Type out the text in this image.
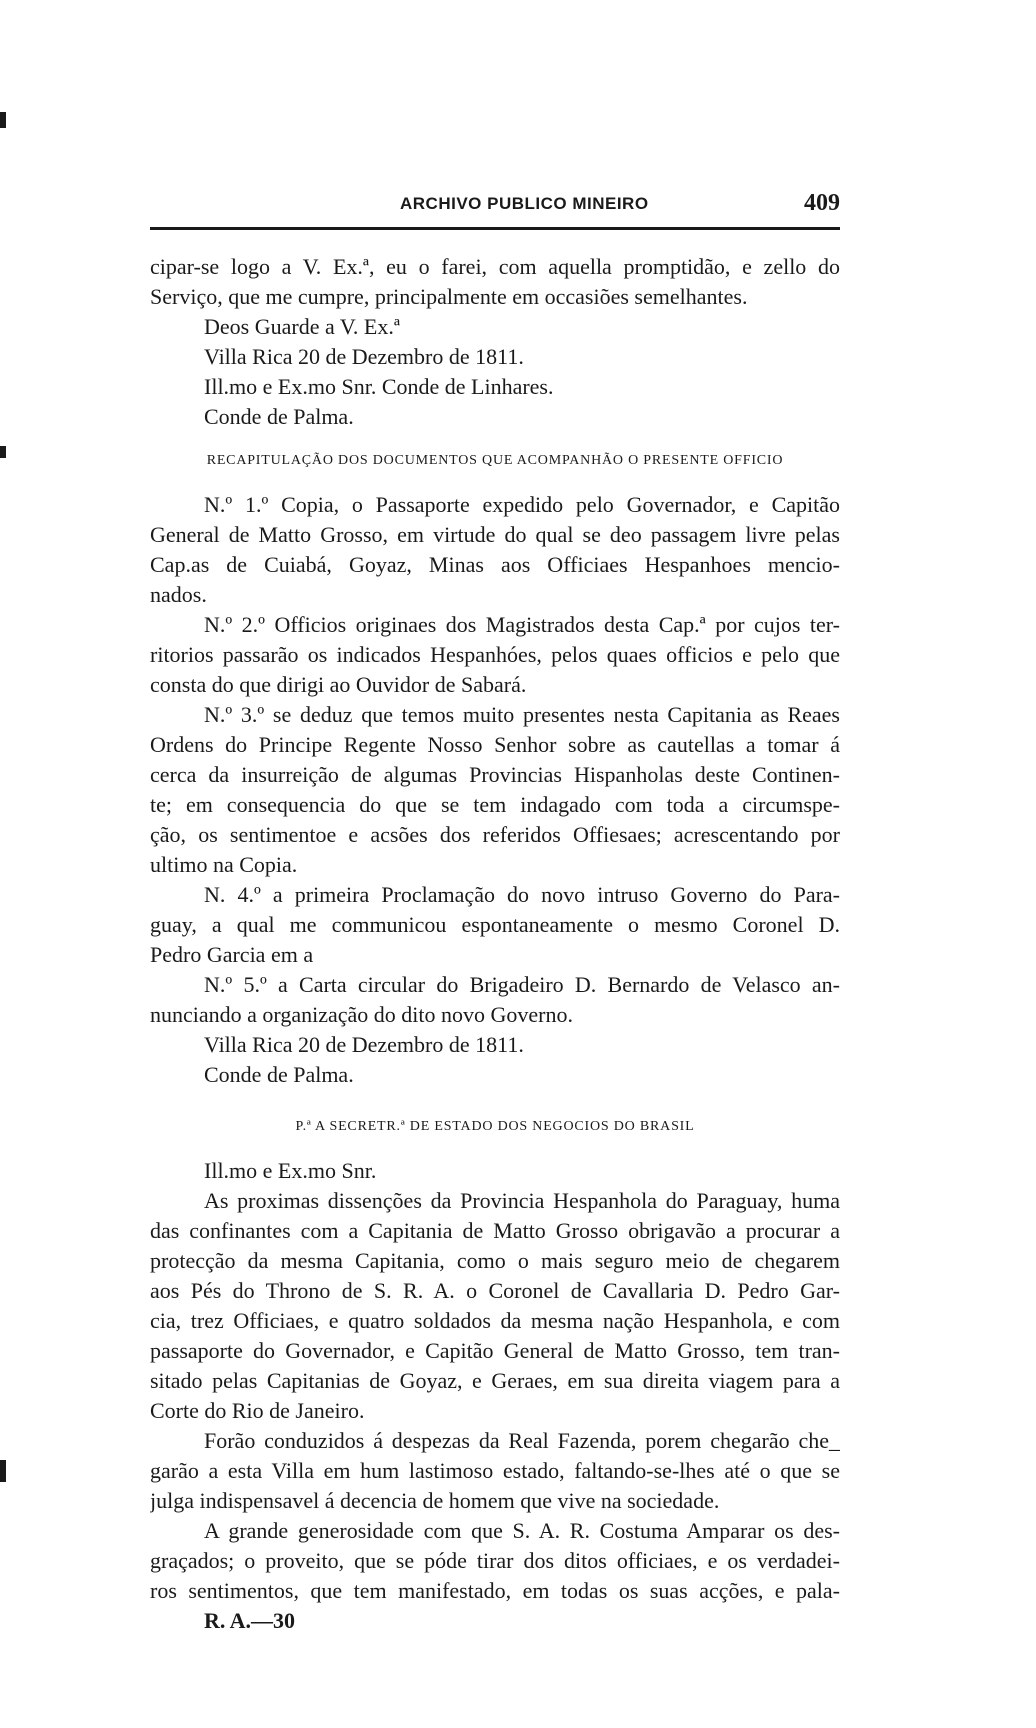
ARCHIVO PUBLICO MINEIRO	409
cipar-se logo a V. Ex.ª, eu o farei, com aquella promptidão, e zello do
Serviço, que me cumpre, principalmente em occasiões semelhantes.
Deos Guarde a V. Ex.ª
Villa Rica 20 de Dezembro de 1811.
Ill.mo e Ex.mo Snr. Conde de Linhares.
Conde de Palma.
RECAPITULAÇÃO DOS DOCUMENTOS QUE ACOMPANHÃO O PRESENTE OFFICIO
N.º 1.º Copia, o Passaporte expedido pelo Governador, e Capitão
General de Matto Grosso, em virtude do qual se deo passagem livre pelas
Cap.as de Cuiabá, Goyaz, Minas aos Officiaes Hespanhoes mencio-
nados.
N.º 2.º Officios originaes dos Magistrados desta Cap.ª por cujos ter-
ritorios passarão os indicados Hespanhóes, pelos quaes officios e pelo que
consta do que dirigi ao Ouvidor de Sabará.
N.º 3.º se deduz que temos muito presentes nesta Capitania as Reaes
Ordens do Principe Regente Nosso Senhor sobre as cautellas a tomar á
cerca da insurreição de algumas Provincias Hispanholas deste Continen-
te; em consequencia do que se tem indagado com toda a circumspe-
ção, os sentimentoe e acsões dos referidos Offiesaes; acrescentando por
ultimo na Copia.
N. 4.º a primeira Proclamação do novo intruso Governo do Para-
guay, a qual me communicou espontaneamente o mesmo Coronel D.
Pedro Garcia em a
N.º 5.º a Carta circular do Brigadeiro D. Bernardo de Velasco an-
nunciando a organização do dito novo Governo.
Villa Rica 20 de Dezembro de 1811.
Conde de Palma.
P.ª A SECRETR.ª DE ESTADO DOS NEGOCIOS DO BRASIL
Ill.mo e Ex.mo Snr.
As proximas dissenções da Provincia Hespanhola do Paraguay, huma
das confinantes com a Capitania de Matto Grosso obrigavão a procurar a
protecção da mesma Capitania, como o mais seguro meio de chegarem
aos Pés do Throno de S. R. A. o Coronel de Cavallaria D. Pedro Gar-
cia, trez Officiaes, e quatro soldados da mesma nação Hespanhola, e com
passaporte do Governador, e Capitão General de Matto Grosso, tem tran-
sitado pelas Capitanias de Goyaz, e Geraes, em sua direita viagem para a
Corte do Rio de Janeiro.
Forão conduzidos á despezas da Real Fazenda, porem chegarão che_
garão a esta Villa em hum lastimoso estado, faltando-se-lhes até o que se
julga indispensavel á decencia de homem que vive na sociedade.
A grande generosidade com que S. A. R. Costuma Amparar os des-
graçados; o proveito, que se póde tirar dos ditos officiaes, e os verdadei-
ros sentimentos, que tem manifestado, em todas os suas acções, e pala-
R. A.—30
